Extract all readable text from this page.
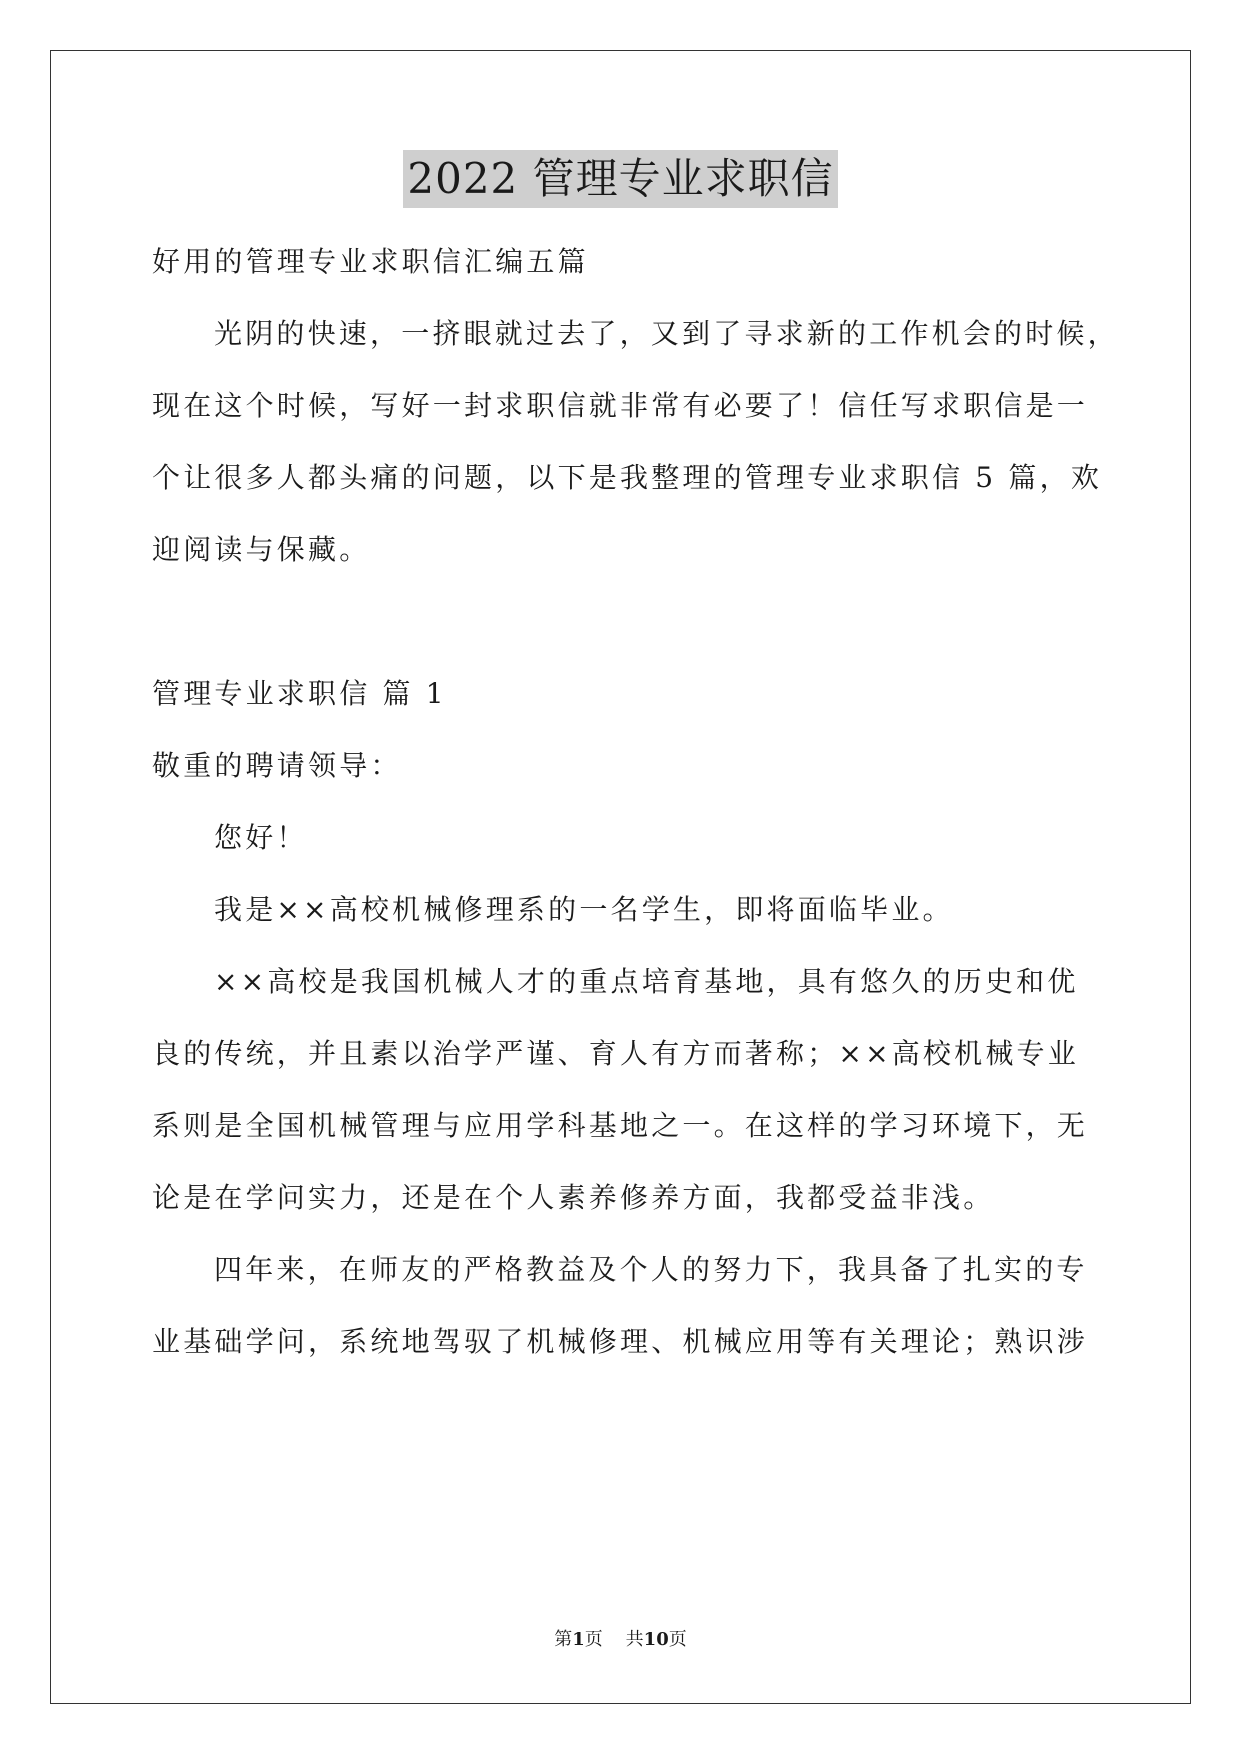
2022 管理专业求职信
好用的管理专业求职信汇编五篇
光阴的快速，一挤眼就过去了，又到了寻求新的工作机会的时候，
现在这个时候，写好一封求职信就非常有必要了！信任写求职信是一
个让很多人都头痛的问题，以下是我整理的管理专业求职信 5 篇，欢
迎阅读与保藏。
管理专业求职信 篇 1
敬重的聘请领导：
您好！
我是××高校机械修理系的一名学生，即将面临毕业。
××高校是我国机械人才的重点培育基地，具有悠久的历史和优
良的传统，并且素以治学严谨、育人有方而著称；××高校机械专业
系则是全国机械管理与应用学科基地之一。在这样的学习环境下，无
论是在学问实力，还是在个人素养修养方面，我都受益非浅。
四年来，在师友的严格教益及个人的努力下，我具备了扎实的专
业基础学问，系统地驾驭了机械修理、机械应用等有关理论；熟识涉
第1页    共10页
